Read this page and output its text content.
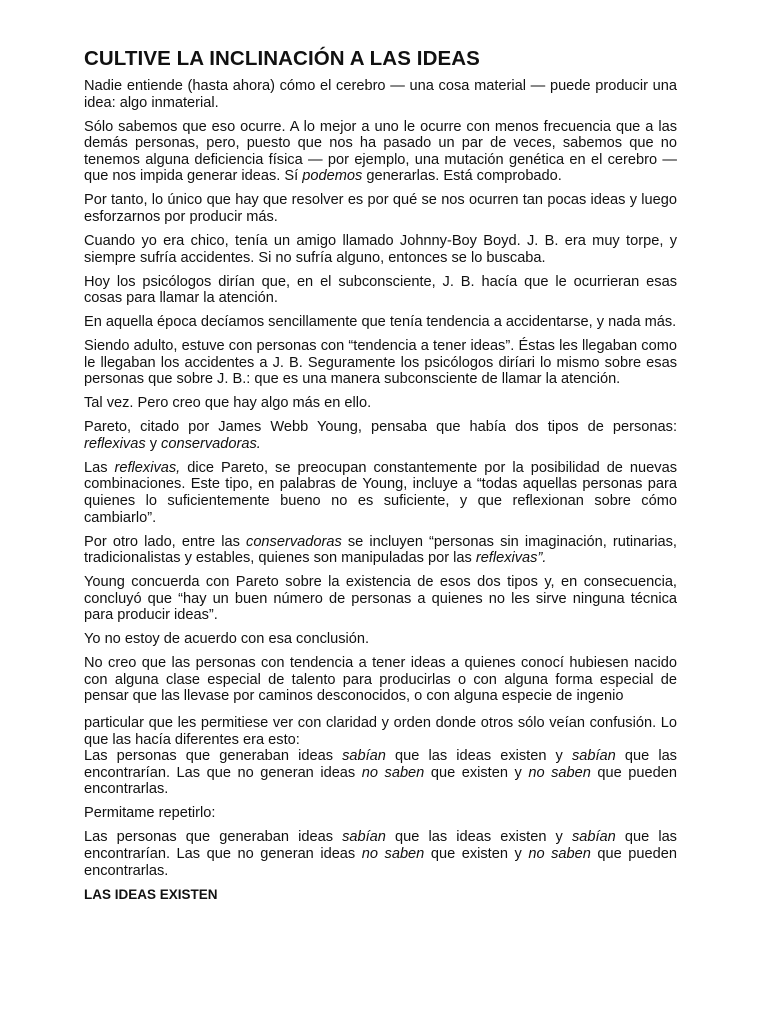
CULTIVE LA INCLINACIÓN A LAS IDEAS

Nadie entiende (hasta ahora) cómo el cerebro — una cosa material — puede producir una idea: algo inmaterial.

Sólo sabemos que eso ocurre. A lo mejor a uno le ocurre con menos frecuencia que a las demás personas, pero, puesto que nos ha pasado un par de veces, sabemos que no tenemos alguna deficiencia física — por ejemplo, una mutación genética en el cerebro — que nos impida generar ideas. Sí podemos generarlas. Está comprobado.

Por tanto, lo único que hay que resolver es por qué se nos ocurren tan pocas ideas y luego esforzarnos por producir más.

Cuando yo era chico, tenía un amigo llamado Johnny-Boy Boyd. J. B. era muy torpe, y siempre sufría accidentes. Si no sufría alguno, entonces se lo buscaba.

Hoy los psicólogos dirían que, en el subconsciente, J. B. hacía que le ocurrieran esas cosas para llamar la atención.

En aquella época decíamos sencillamente que tenía tendencia a accidentarse, y nada más.

Siendo adulto, estuve con personas con “tendencia a tener ideas”. Éstas les llegaban como le llegaban los accidentes a J. B. Seguramente los psicólogos diríari lo mismo sobre esas personas que sobre J. B.: que es una manera subconsciente de llamar la atención.

Tal vez. Pero creo que hay algo más en ello.

Pareto, citado por James Webb Young, pensaba que había dos tipos de personas: reflexivas y conservadoras.

Las reflexivas, dice Pareto, se preocupan constantemente por la posibilidad de nuevas combinaciones. Este tipo, en palabras de Young, incluye a “todas aquellas personas para quienes lo suficientemente bueno no es suficiente, y que reflexionan sobre cómo cambiarlo”.

Por otro lado, entre las conservadoras se incluyen “personas sin imaginación, rutinarias, tradicionalistas y estables, quienes son manipuladas por las reflexivas”.

Young concuerda con Pareto sobre la existencia de esos dos tipos y, en consecuencia, concluyó que “hay un buen número de personas a quienes no les sirve ninguna técnica para producir ideas”.

Yo no estoy de acuerdo con esa conclusión.

No creo que las personas con tendencia a tener ideas a quienes conocí hubiesen nacido con alguna clase especial de talento para producirlas o con alguna forma especial de pensar que las llevase por caminos desconocidos, o con alguna especie de ingenio

particular que les permitiese ver con claridad y orden donde otros sólo veían confusión. Lo que las hacía diferentes era esto:

Las personas que generaban ideas sabían que las ideas existen y sabían que las encontrarían. Las que no generan ideas no saben que existen y no saben que pueden encontrarlas.

Permitame repetirlo:

Las personas que generaban ideas sabían que las ideas existen y sabían que las encontrarían. Las que no generan ideas no saben que existen y no saben que pueden encontrarlas.

LAS IDEAS EXISTEN
